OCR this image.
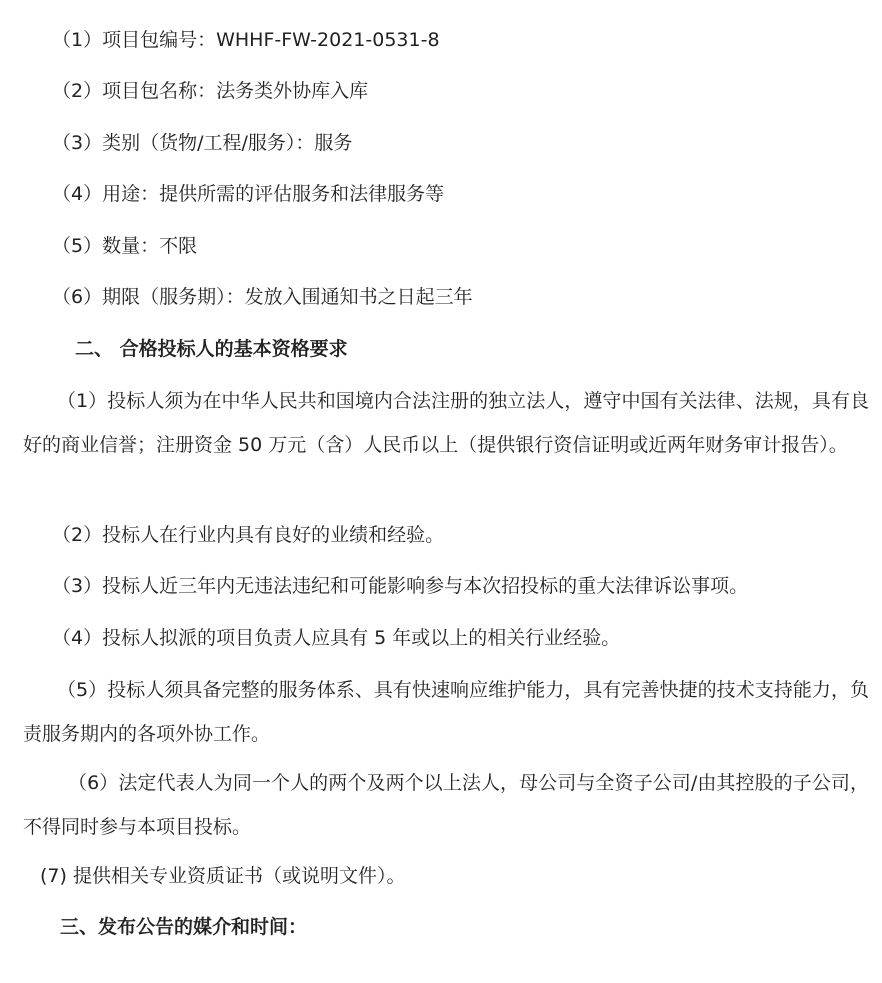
（1）项目包编号：WHHF-FW-2021-0531-8
（2）项目包名称：法务类外协库入库
（3）类别（货物/工程/服务）：服务
（4）用途：提供所需的评估服务和法律服务等
（5）数量：不限
（6）期限（服务期）：发放入围通知书之日起三年
二、 合格投标人的基本资格要求
（1）投标人须为在中华人民共和国境内合法注册的独立法人，遵守中国有关法律、法规，具有良好的商业信誉；注册资金 50 万元（含）人民币以上（提供银行资信证明或近两年财务审计报告）。
（2）投标人在行业内具有良好的业绩和经验。
（3）投标人近三年内无违法违纪和可能影响参与本次招投标的重大法律诉讼事项。
（4）投标人拟派的项目负责人应具有 5 年或以上的相关行业经验。
（5）投标人须具备完整的服务体系、具有快速响应维护能力，具有完善快捷的技术支持能力，负责服务期内的各项外协工作。
（6）法定代表人为同一个人的两个及两个以上法人，母公司与全资子公司/由其控股的子公司，不得同时参与本项目投标。
(7) 提供相关专业资质证书（或说明文件）。
三、发布公告的媒介和时间：
